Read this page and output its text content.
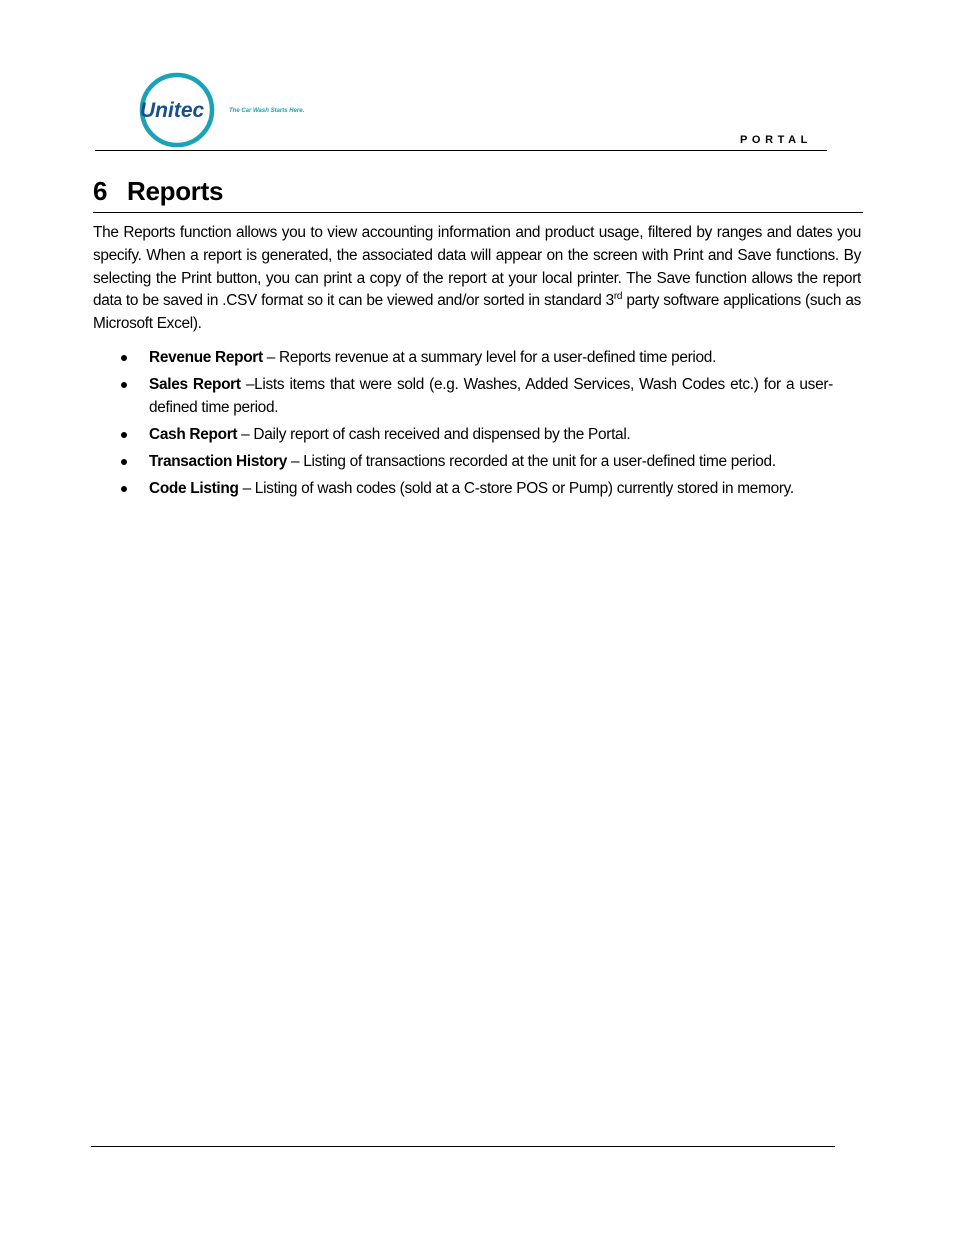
Unitec	The Car Wash Starts Here.
PORTAL
6 Reports

The Reports function allows you to view accounting information and product usage, filtered by ranges and dates you specify. When a report is generated, the associated data will appear on the screen with Print and Save functions. By selecting the Print button, you can print a copy of the report at your local printer. The Save function allows the report data to be saved in .CSV format so it can be viewed and/or sorted in standard 3rd party software applications (such as Microsoft Excel).

Revenue Report – Reports revenue at a summary level for a user-defined time period.
Sales Report –Lists items that were sold (e.g. Washes, Added Services, Wash Codes etc.) for a user-defined time period.
Cash Report – Daily report of cash received and dispensed by the Portal.
Transaction History – Listing of transactions recorded at the unit for a user-defined time period.
Code Listing – Listing of wash codes (sold at a C-store POS or Pump) currently stored in memory.
